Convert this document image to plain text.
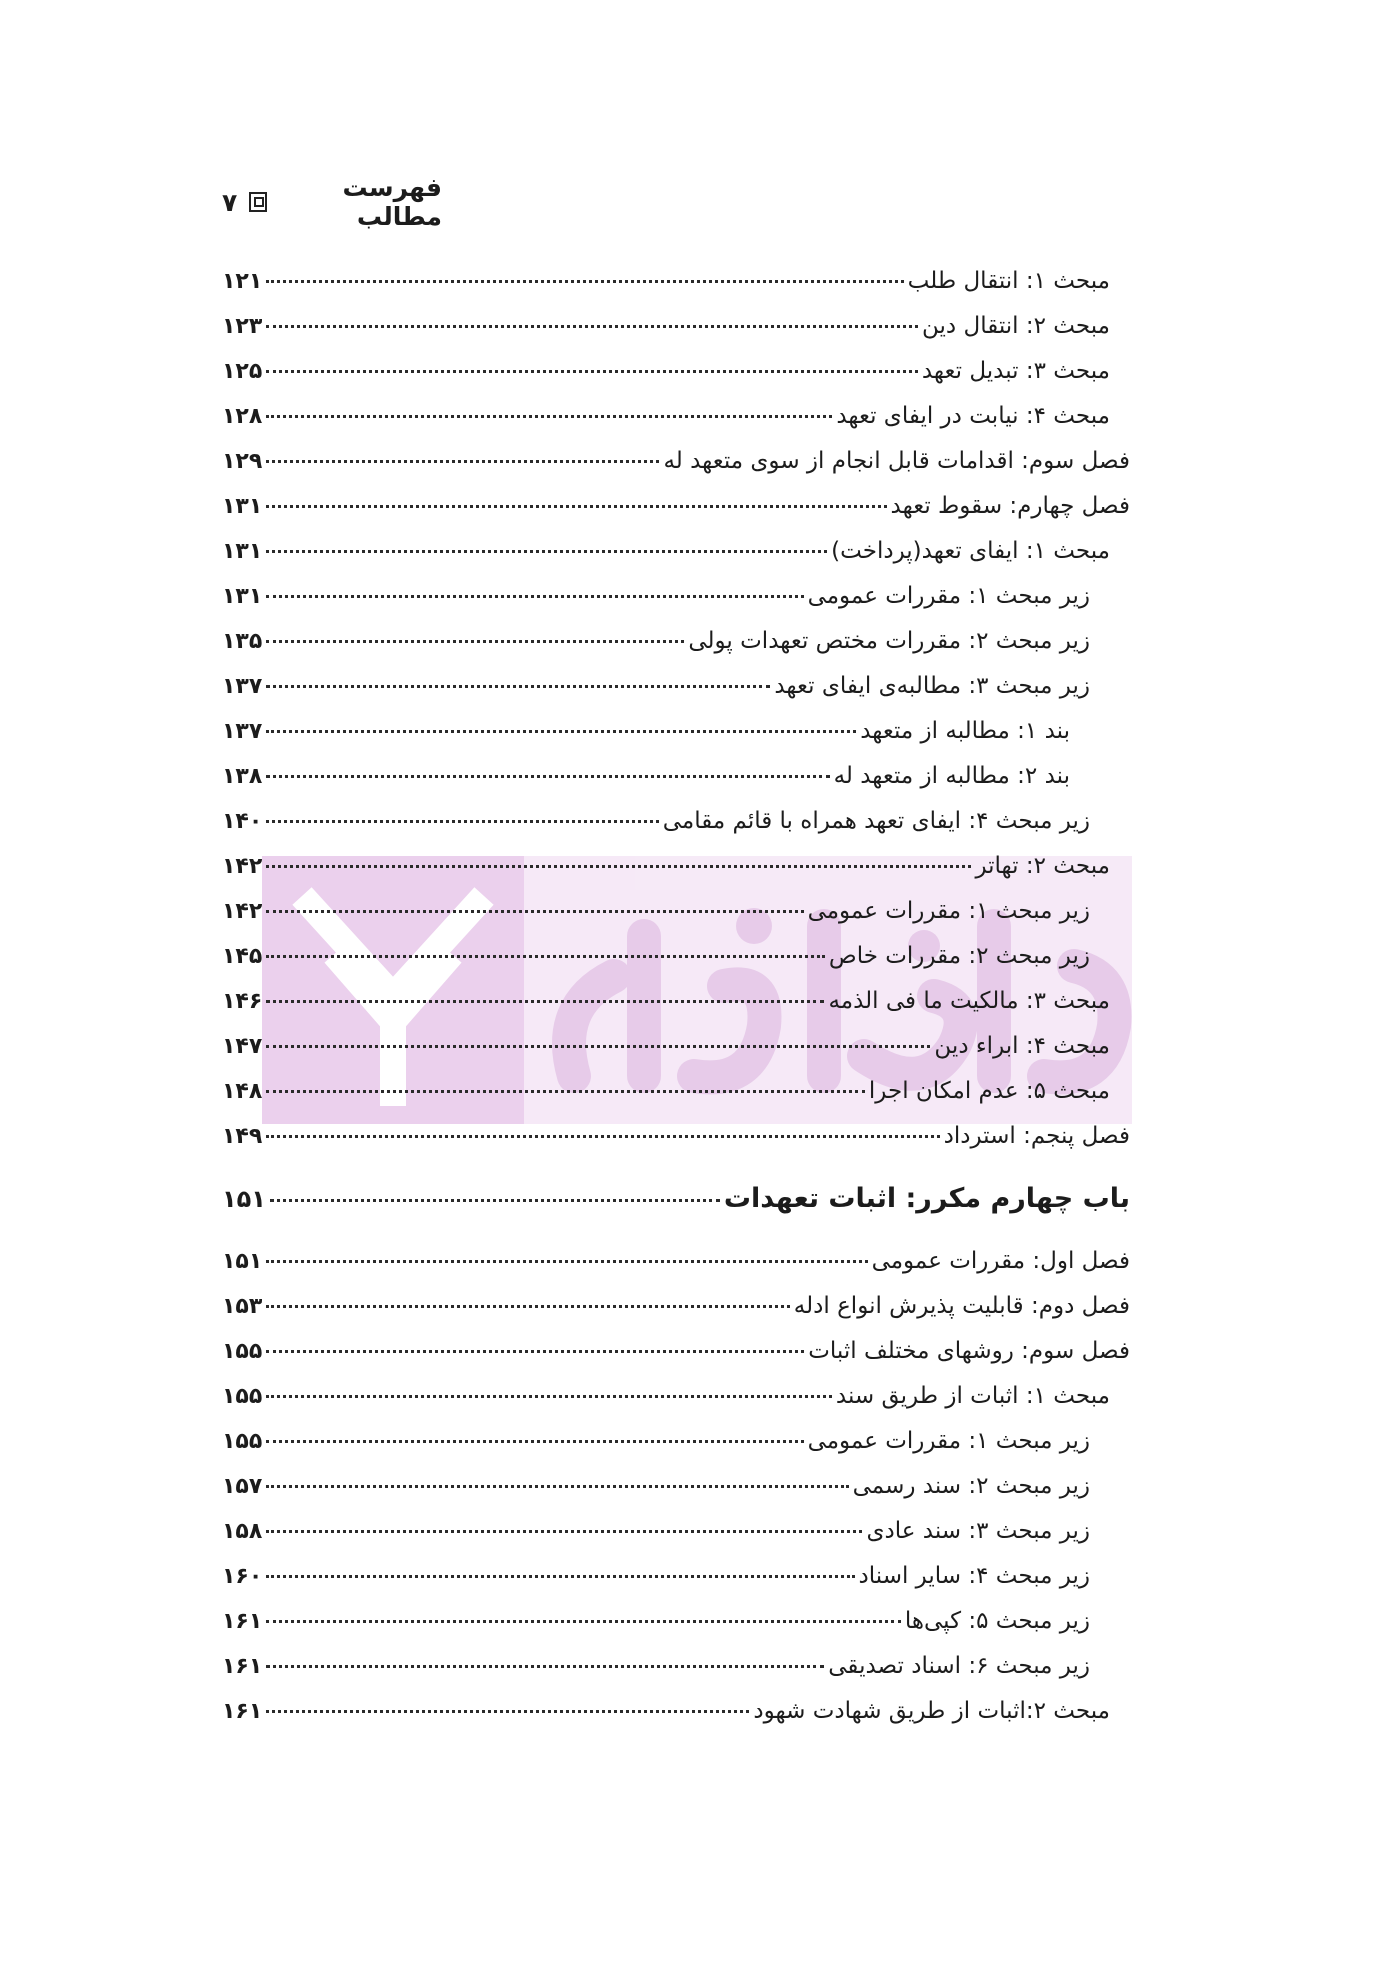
فهرست مطالب
۷
مبحث ۱: انتقال طلب
۱۲۱
مبحث ۲: انتقال دین
۱۲۳
مبحث ۳: تبدیل تعهد
۱۲۵
مبحث ۴: نیابت در ایفای تعهد
۱۲۸
فصل سوم: اقدامات قابل انجام از سوی متعهد له
۱۲۹
فصل چهارم: سقوط تعهد
۱۳۱
مبحث ۱: ایفای تعهد(پرداخت)
۱۳۱
زیر مبحث ۱: مقررات عمومی
۱۳۱
زیر مبحث ۲: مقررات مختص تعهدات پولی
۱۳۵
زیر مبحث ۳: مطالبه‌ی ایفای تعهد
۱۳۷
بند ۱: مطالبه از متعهد
۱۳۷
بند ۲: مطالبه از متعهد له
۱۳۸
زیر مبحث ۴: ایفای تعهد همراه با قائم مقامی
۱۴۰
مبحث ۲: تهاتر
۱۴۲
زیر مبحث ۱: مقررات عمومی
۱۴۲
زیر مبحث ۲: مقررات خاص
۱۴۵
مبحث ۳: مالکیت ما فی الذمه
۱۴۶
مبحث ۴: ابراء دین
۱۴۷
مبحث ۵: عدم امکان اجرا
۱۴۸
فصل پنجم: استرداد
۱۴۹
باب چهارم مکرر: اثبات تعهدات
۱۵۱
فصل اول: مقررات عمومی
۱۵۱
فصل دوم: قابلیت پذیرش انواع ادله
۱۵۳
فصل سوم: روشهای مختلف اثبات
۱۵۵
مبحث ۱: اثبات از طریق سند
۱۵۵
زیر مبحث ۱: مقررات عمومی
۱۵۵
زیر مبحث ۲: سند رسمی
۱۵۷
زیر مبحث ۳: سند عادی
۱۵۸
زیر مبحث ۴: سایر اسناد
۱۶۰
زیر مبحث ۵: کپی‌ها
۱۶۱
زیر مبحث ۶: اسناد تصدیقی
۱۶۱
مبحث ۲:اثبات از طریق شهادت شهود
۱۶۱
